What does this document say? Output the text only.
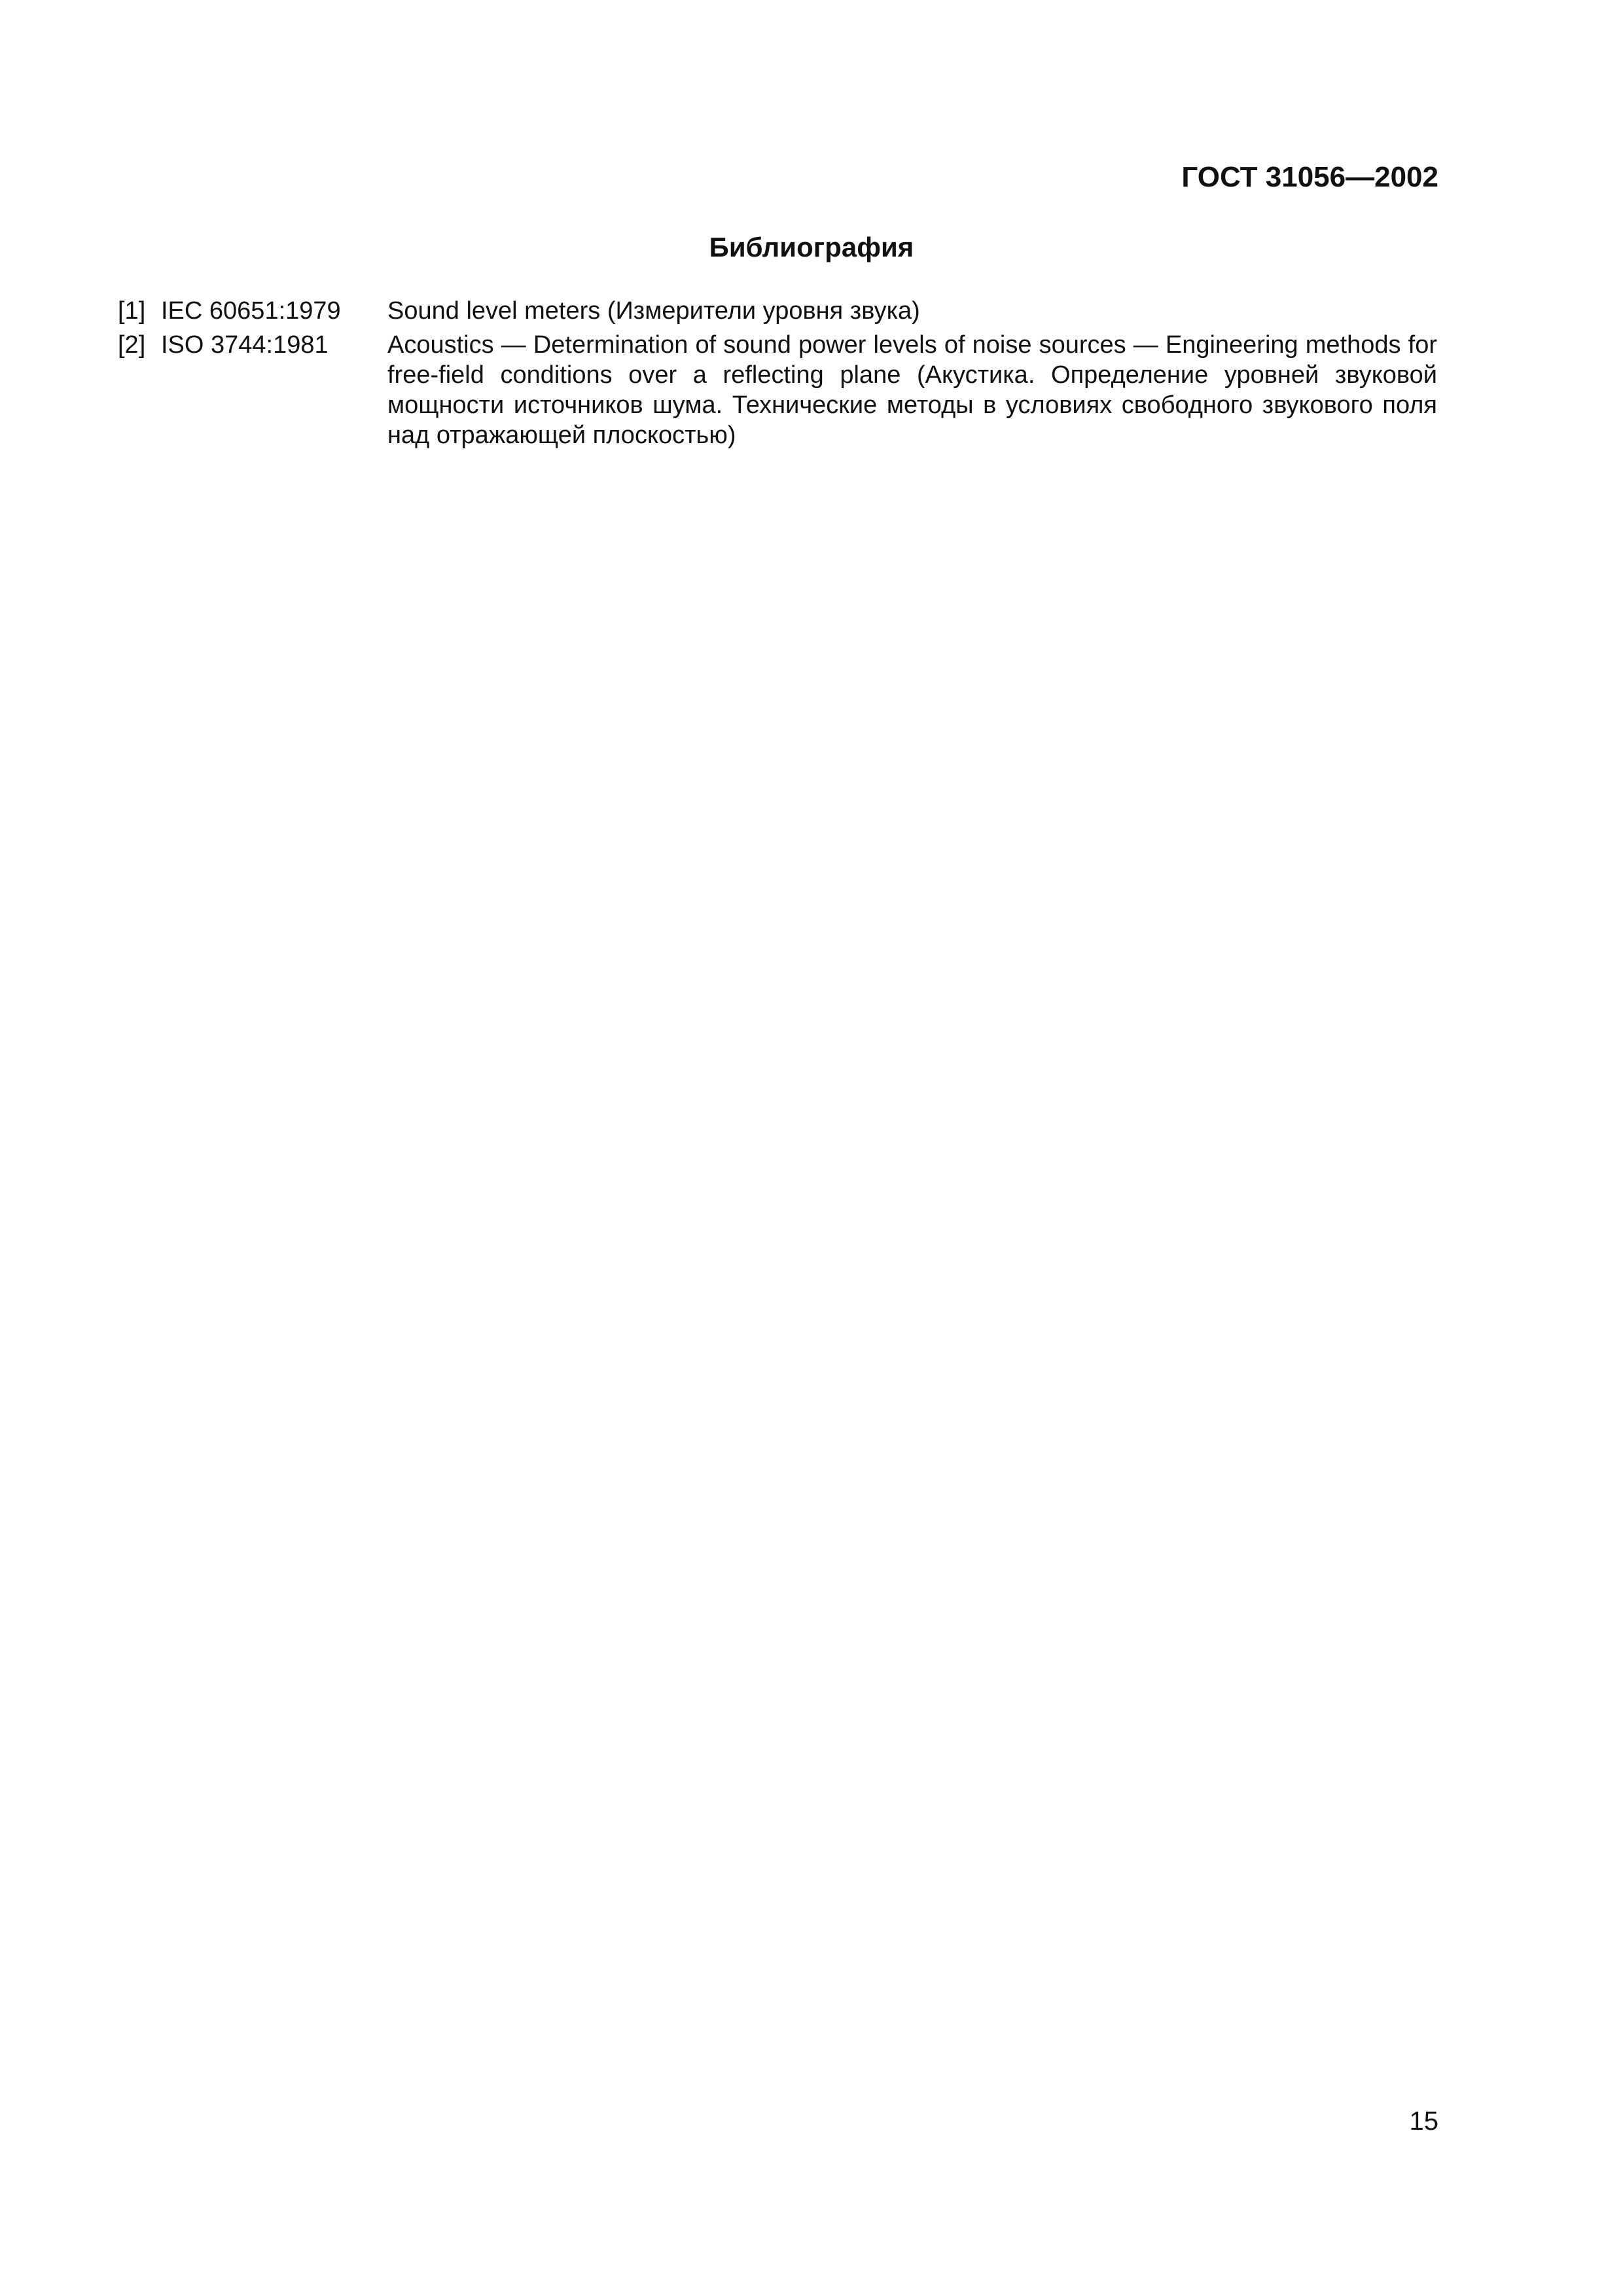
ГОСТ 31056—2002
Библиография
[1] IEC 60651:1979	Sound level meters (Измерители уровня звука)
[2] ISO 3744:1981	Acoustics — Determination of sound power levels of noise sources — Engineering methods for free-field conditions over a reflecting plane (Акустика. Определение уровней звуковой мощности источников шума. Технические методы в условиях свободного звукового поля над отражающей плоскостью)
15
